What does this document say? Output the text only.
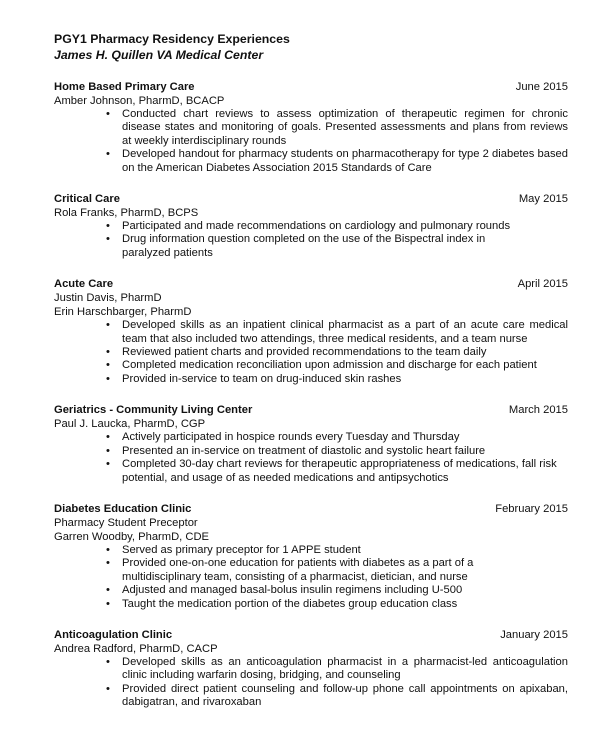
PGY1 Pharmacy Residency Experiences
James H. Quillen VA Medical Center
Home Based Primary Care	June 2015
Amber Johnson, PharmD, BCACP
• Conducted chart reviews to assess optimization of therapeutic regimen for chronic disease states and monitoring of goals. Presented assessments and plans from reviews at weekly interdisciplinary rounds
• Developed handout for pharmacy students on pharmacotherapy for type 2 diabetes based on the American Diabetes Association 2015 Standards of Care
Critical Care	May 2015
Rola Franks, PharmD, BCPS
• Participated and made recommendations on cardiology and pulmonary rounds
• Drug information question completed on the use of the Bispectral index in paralyzed patients
Acute Care	April 2015
Justin Davis, PharmD
Erin Harschbarger, PharmD
• Developed skills as an inpatient clinical pharmacist as a part of an acute care medical team that also included two attendings, three medical residents, and a team nurse
• Reviewed patient charts and provided recommendations to the team daily
• Completed medication reconciliation upon admission and discharge for each patient
• Provided in-service to team on drug-induced skin rashes
Geriatrics - Community Living Center	March 2015
Paul J. Laucka, PharmD, CGP
• Actively participated in hospice rounds every Tuesday and Thursday
• Presented an in-service on treatment of diastolic and systolic heart failure
• Completed 30-day chart reviews for therapeutic appropriateness of medications, fall risk potential, and usage of as needed medications and antipsychotics
Diabetes Education Clinic	February 2015
Pharmacy Student Preceptor
Garren Woodby, PharmD, CDE
• Served as primary preceptor for 1 APPE student
• Provided one-on-one education for patients with diabetes as a part of a multidisciplinary team, consisting of a pharmacist, dietician, and nurse
• Adjusted and managed basal-bolus insulin regimens including U-500
• Taught the medication portion of the diabetes group education class
Anticoagulation Clinic	January 2015
Andrea Radford, PharmD, CACP
• Developed skills as an anticoagulation pharmacist in a pharmacist-led anticoagulation clinic including warfarin dosing, bridging, and counseling
• Provided direct patient counseling and follow-up phone call appointments on apixaban, dabigatran, and rivaroxaban
